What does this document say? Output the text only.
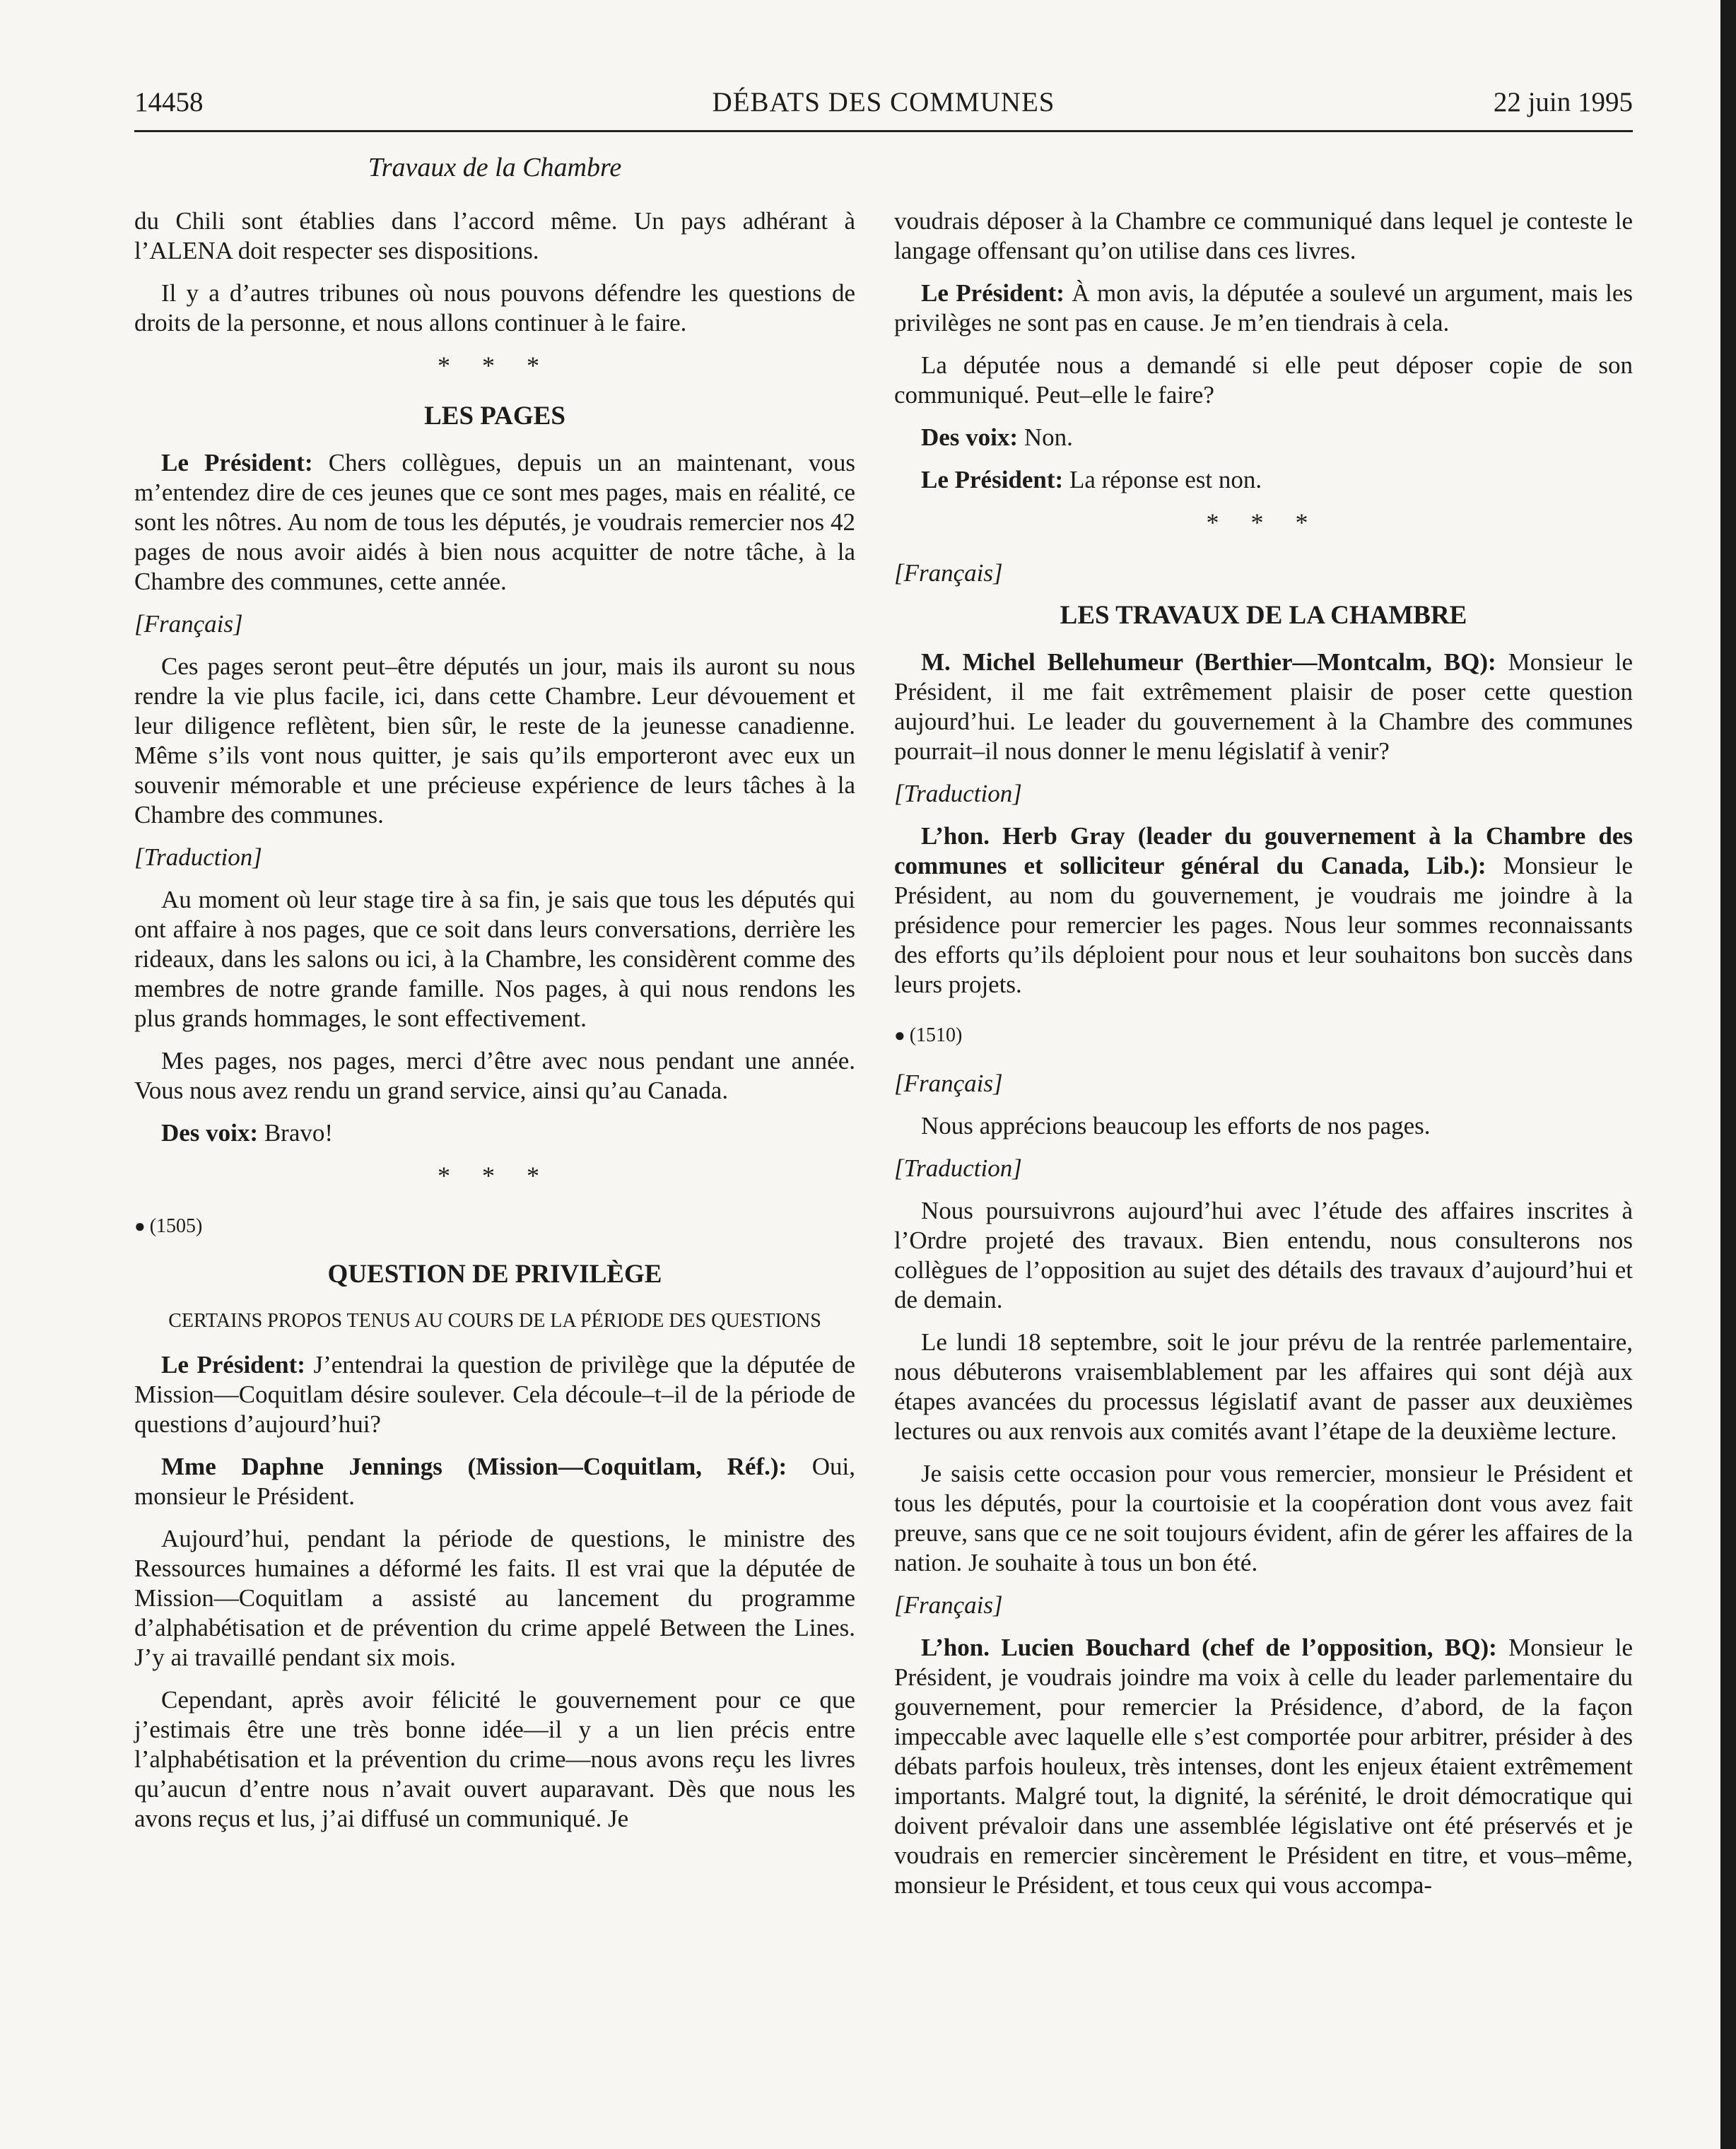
14458	DÉBATS DES COMMUNES	22 juin 1995
Travaux de la Chambre

du Chili sont établies dans l’accord même. Un pays adhérant à l’ALENA doit respecter ses dispositions.

Il y a d’autres tribunes où nous pouvons défendre les questions de droits de la personne, et nous allons continuer à le faire.

* * *
LES PAGES

Le Président: Chers collègues, depuis un an maintenant, vous m’entendez dire de ces jeunes que ce sont mes pages, mais en réalité, ce sont les nôtres. Au nom de tous les députés, je voudrais remercier nos 42 pages de nous avoir aidés à bien nous acquitter de notre tâche, à la Chambre des communes, cette année.

[Français]

Ces pages seront peut–être députés un jour, mais ils auront su nous rendre la vie plus facile, ici, dans cette Chambre. Leur dévouement et leur diligence reflètent, bien sûr, le reste de la jeunesse canadienne. Même s’ils vont nous quitter, je sais qu’ils emporteront avec eux un souvenir mémorable et une précieuse expérience de leurs tâches à la Chambre des communes.

[Traduction]

Au moment où leur stage tire à sa fin, je sais que tous les députés qui ont affaire à nos pages, que ce soit dans leurs conversations, derrière les rideaux, dans les salons ou ici, à la Chambre, les considèrent comme des membres de notre grande famille. Nos pages, à qui nous rendons les plus grands hommages, le sont effectivement.

Mes pages, nos pages, merci d’être avec nous pendant une année. Vous nous avez rendu un grand service, ainsi qu’au Canada.

Des voix: Bravo!

* * *
● (1505)
QUESTION DE PRIVILÈGE
CERTAINS PROPOS TENUS AU COURS DE LA PÉRIODE DES QUESTIONS

Le Président: J’entendrai la question de privilège que la députée de Mission—Coquitlam désire soulever. Cela découle–t–il de la période de questions d’aujourd’hui?

Mme Daphne Jennings (Mission—Coquitlam, Réf.): Oui, monsieur le Président.

Aujourd’hui, pendant la période de questions, le ministre des Ressources humaines a déformé les faits. Il est vrai que la députée de Mission—Coquitlam a assisté au lancement du programme d’alphabétisation et de prévention du crime appelé Between the Lines. J’y ai travaillé pendant six mois.

Cependant, après avoir félicité le gouvernement pour ce que j’estimais être une très bonne idée—il y a un lien précis entre l’alphabétisation et la prévention du crime—nous avons reçu les livres qu’aucun d’entre nous n’avait ouvert auparavant. Dès que nous les avons reçus et lus, j’ai diffusé un communiqué. Je

voudrais déposer à la Chambre ce communiqué dans lequel je conteste le langage offensant qu’on utilise dans ces livres.

Le Président: À mon avis, la députée a soulevé un argument, mais les privilèges ne sont pas en cause. Je m’en tiendrais à cela.

La députée nous a demandé si elle peut déposer copie de son communiqué. Peut–elle le faire?

Des voix: Non.

Le Président: La réponse est non.

* * *
[Français]
LES TRAVAUX DE LA CHAMBRE

M. Michel Bellehumeur (Berthier—Montcalm, BQ): Monsieur le Président, il me fait extrêmement plaisir de poser cette question aujourd’hui. Le leader du gouvernement à la Chambre des communes pourrait–il nous donner le menu législatif à venir?

[Traduction]

L’hon. Herb Gray (leader du gouvernement à la Chambre des communes et solliciteur général du Canada, Lib.): Monsieur le Président, au nom du gouvernement, je voudrais me joindre à la présidence pour remercier les pages. Nous leur sommes reconnaissants des efforts qu’ils déploient pour nous et leur souhaitons bon succès dans leurs projets.

● (1510)
[Français]

Nous apprécions beaucoup les efforts de nos pages.

[Traduction]

Nous poursuivrons aujourd’hui avec l’étude des affaires inscrites à l’Ordre projeté des travaux. Bien entendu, nous consulterons nos collègues de l’opposition au sujet des détails des travaux d’aujourd’hui et de demain.

Le lundi 18 septembre, soit le jour prévu de la rentrée parlementaire, nous débuterons vraisemblablement par les affaires qui sont déjà aux étapes avancées du processus législatif avant de passer aux deuxièmes lectures ou aux renvois aux comités avant l’étape de la deuxième lecture.

Je saisis cette occasion pour vous remercier, monsieur le Président et tous les députés, pour la courtoisie et la coopération dont vous avez fait preuve, sans que ce ne soit toujours évident, afin de gérer les affaires de la nation. Je souhaite à tous un bon été.

[Français]

L’hon. Lucien Bouchard (chef de l’opposition, BQ): Monsieur le Président, je voudrais joindre ma voix à celle du leader parlementaire du gouvernement, pour remercier la Présidence, d’abord, de la façon impeccable avec laquelle elle s’est comportée pour arbitrer, présider à des débats parfois houleux, très intenses, dont les enjeux étaient extrêmement importants. Malgré tout, la dignité, la sérénité, le droit démocratique qui doivent prévaloir dans une assemblée législative ont été préservés et je voudrais en remercier sincèrement le Président en titre, et vous–même, monsieur le Président, et tous ceux qui vous accompa-
